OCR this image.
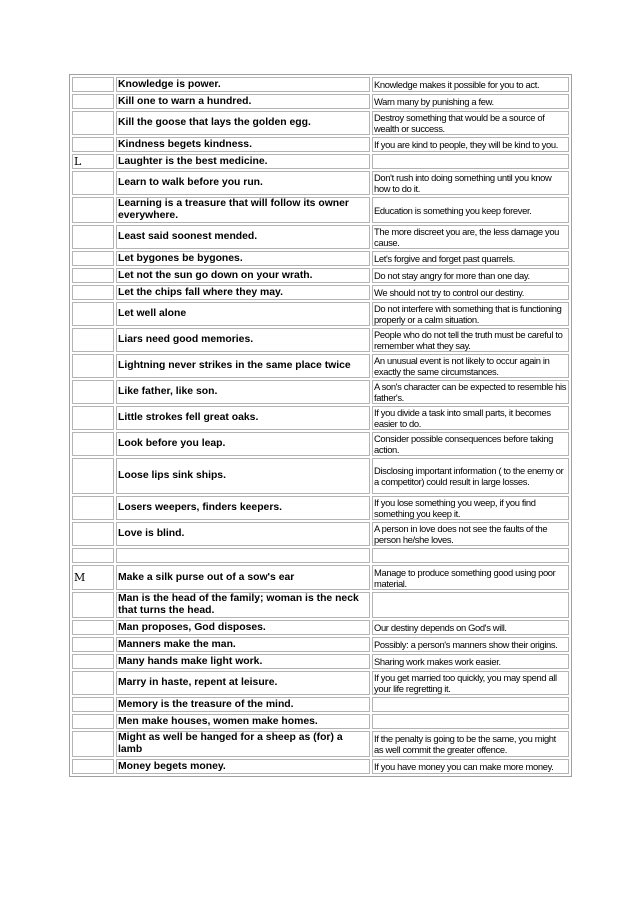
	Knowledge is power.	Knowledge makes it possible for you to act.
	Kill one to warn a hundred.	Warn many by punishing a few.
	Kill the goose that lays the golden egg.	Destroy something that would be a source of wealth or success.
	Kindness begets kindness.	If you are kind to people, they will be kind to you.
L	Laughter is the best medicine.	
	Learn to walk before you run.	Don't rush into doing something until you know how to do it.
	Learning is a treasure that will follow its owner everywhere.	Education is something you keep forever.
	Least said soonest mended.	The more discreet you are, the less damage you cause.
	Let bygones be bygones.	Let's forgive and forget past quarrels.
	Let not the sun go down on your wrath.	Do not stay angry for more than one day.
	Let the chips fall where they may.	We should not try to control our destiny.
	Let well alone	Do not interfere with something that is functioning properly or a calm situation.
	Liars need good memories.	People who do not tell the truth must be careful to remember what they say.
	Lightning never strikes in the same place twice	An unusual event is not likely to occur again in exactly the same circumstances.
	Like father, like son.	A son's character can be expected to resemble his father's.
	Little strokes fell great oaks.	If you divide a task into small parts, it becomes easier to do.
	Look before you leap.	Consider possible consequences before taking action.
	Loose lips sink ships.	Disclosing important information ( to the enemy or a competitor) could result in large losses.
	Losers weepers, finders keepers.	If you lose something you weep, if you find something you keep it.
	Love is blind.	A person in love does not see the faults of the person he/she loves.

M	Make a silk purse out of a sow's ear	Manage to produce something good using poor material.
	Man is the head of the family; woman is the neck that turns the head.	
	Man proposes, God disposes.	Our destiny depends on God's will.
	Manners make the man.	Possibly: a person's manners show their origins.
	Many hands make light work.	Sharing work makes work easier.
	Marry in haste, repent at leisure.	If you get married too quickly, you may spend all your life regretting it.
	Memory is the treasure of the mind.	
	Men make houses, women make homes.	
	Might as well be hanged for a sheep as (for) a lamb	If the penalty is going to be the same, you might as well commit the greater offence.
	Money begets money.	If you have money you can make more money.
